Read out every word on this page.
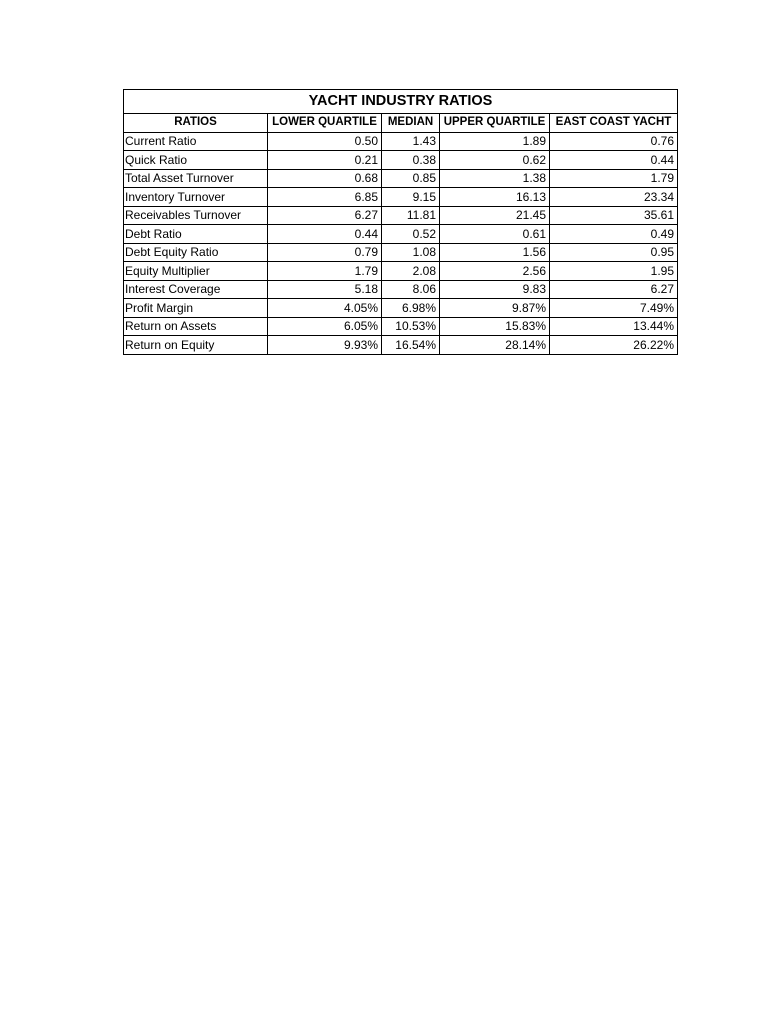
YACHT INDUSTRY RATIOS				
RATIOS	LOWER QUARTILE	MEDIAN	UPPER QUARTILE	EAST COAST YACHT
Current Ratio	0.50	1.43	1.89	0.76
Quick Ratio	0.21	0.38	0.62	0.44
Total Asset Turnover	0.68	0.85	1.38	1.79
Inventory Turnover	6.85	9.15	16.13	23.34
Receivables Turnover	6.27	11.81	21.45	35.61
Debt Ratio	0.44	0.52	0.61	0.49
Debt Equity Ratio	0.79	1.08	1.56	0.95
Equity Multiplier	1.79	2.08	2.56	1.95
Interest Coverage	5.18	8.06	9.83	6.27
Profit Margin	4.05%	6.98%	9.87%	7.49%
Return on Assets	6.05%	10.53%	15.83%	13.44%
Return on Equity	9.93%	16.54%	28.14%	26.22%
